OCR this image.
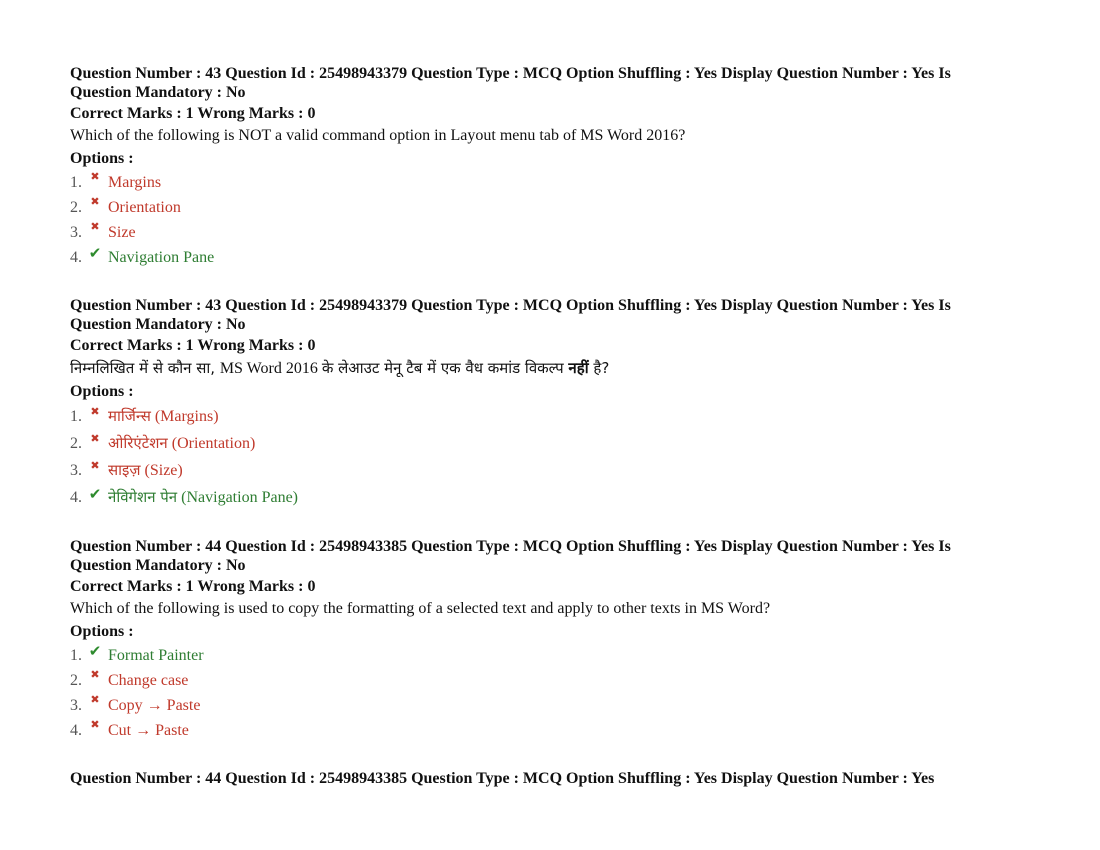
Question Number : 43 Question Id : 25498943379 Question Type : MCQ Option Shuffling : Yes Display Question Number : Yes Is Question Mandatory : No
Correct Marks : 1 Wrong Marks : 0
Which of the following is NOT a valid command option in Layout menu tab of MS Word 2016?
Options :
1. ✖ Margins
2. ✖ Orientation
3. ✖ Size
4. ✔ Navigation Pane
Question Number : 43 Question Id : 25498943379 Question Type : MCQ Option Shuffling : Yes Display Question Number : Yes Is Question Mandatory : No
Correct Marks : 1 Wrong Marks : 0
निम्नलिखित में से कौन सा, MS Word 2016 के लेआउट मेनू टैब में एक वैध कमांड विकल्प नहीं है?
Options :
1. ✖ मार्जिन्स (Margins)
2. ✖ ओरिएंटेशन (Orientation)
3. ✖ साइज़ (Size)
4. ✔ नेविगेशन पेन (Navigation Pane)
Question Number : 44 Question Id : 25498943385 Question Type : MCQ Option Shuffling : Yes Display Question Number : Yes Is Question Mandatory : No
Correct Marks : 1 Wrong Marks : 0
Which of the following is used to copy the formatting of a selected text and apply to other texts in MS Word?
Options :
1. ✔ Format Painter
2. ✖ Change case
3. ✖ Copy → Paste
4. ✖ Cut → Paste
Question Number : 44 Question Id : 25498943385 Question Type : MCQ Option Shuffling : Yes Display Question Number : Yes
